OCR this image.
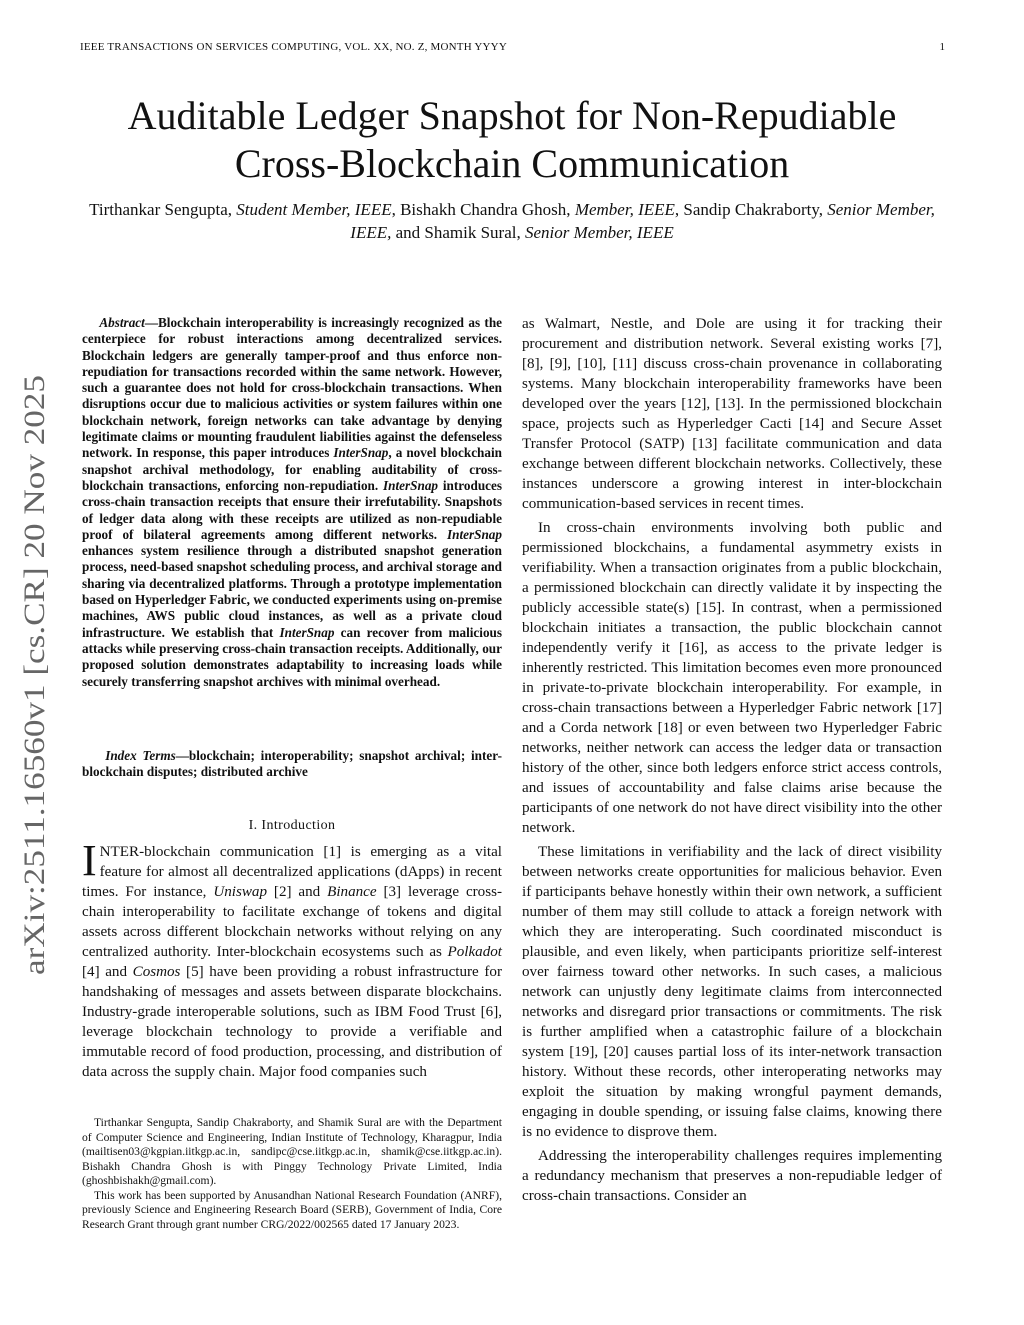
IEEE TRANSACTIONS ON SERVICES COMPUTING, VOL. XX, NO. Z, MONTH YYYY	1
Auditable Ledger Snapshot for Non-Repudiable
Cross-Blockchain Communication
Tirthankar Sengupta, Student Member, IEEE, Bishakh Chandra Ghosh, Member, IEEE, Sandip Chakraborty, Senior Member, IEEE, and Shamik Sural, Senior Member, IEEE
arXiv:2511.16560v1 [cs.CR] 20 Nov 2025
Abstract—Blockchain interoperability is increasingly recognized as the centerpiece for robust interactions among decentralized services. Blockchain ledgers are generally tamper-proof and thus enforce non-repudiation for transactions recorded within the same network. However, such a guarantee does not hold for cross-blockchain transactions. When disruptions occur due to malicious activities or system failures within one blockchain network, foreign networks can take advantage by denying legitimate claims or mounting fraudulent liabilities against the defenseless network. In response, this paper introduces InterSnap, a novel blockchain snapshot archival methodology, for enabling auditability of cross-blockchain transactions, enforcing non-repudiation. InterSnap introduces cross-chain transaction receipts that ensure their irrefutability. Snapshots of ledger data along with these receipts are utilized as non-repudiable proof of bilateral agreements among different networks. InterSnap enhances system resilience through a distributed snapshot generation process, need-based snapshot scheduling process, and archival storage and sharing via decentralized platforms. Through a prototype implementation based on Hyperledger Fabric, we conducted experiments using on-premise machines, AWS public cloud instances, as well as a private cloud infrastructure. We establish that InterSnap can recover from malicious attacks while preserving cross-chain transaction receipts. Additionally, our proposed solution demonstrates adaptability to increasing loads while securely transferring snapshot archives with minimal overhead.
Index Terms—blockchain; interoperability; snapshot archival; inter-blockchain disputes; distributed archive
I. Introduction
INTER-blockchain communication [1] is emerging as a vital feature for almost all decentralized applications (dApps) in recent times. For instance, Uniswap [2] and Binance [3] leverage cross-chain interoperability to facilitate exchange of tokens and digital assets across different blockchain networks without relying on any centralized authority. Inter-blockchain ecosystems such as Polkadot [4] and Cosmos [5] have been providing a robust infrastructure for handshaking of messages and assets between disparate blockchains. Industry-grade interoperable solutions, such as IBM Food Trust [6], leverage blockchain technology to provide a verifiable and immutable record of food production, processing, and distribution of data across the supply chain. Major food companies such

Tirthankar Sengupta, Sandip Chakraborty, and Shamik Sural are with the Department of Computer Science and Engineering, Indian Institute of Technology, Kharagpur, India (mailtisen03@kgpian.iitkgp.ac.in, sandipc@cse.iitkgp.ac.in, shamik@cse.iitkgp.ac.in). Bishakh Chandra Ghosh is with Pinggy Technology Private Limited, India (ghoshbishakh@gmail.com).

This work has been supported by Anusandhan National Research Foundation (ANRF), previously Science and Engineering Research Board (SERB), Government of India, Core Research Grant through grant number CRG/2022/002565 dated 17 January 2023.

as Walmart, Nestle, and Dole are using it for tracking their procurement and distribution network. Several existing works [7], [8], [9], [10], [11] discuss cross-chain provenance in collaborating systems. Many blockchain interoperability frameworks have been developed over the years [12], [13]. In the permissioned blockchain space, projects such as Hyperledger Cacti [14] and Secure Asset Transfer Protocol (SATP) [13] facilitate communication and data exchange between different blockchain networks. Collectively, these instances underscore a growing interest in inter-blockchain communication-based services in recent times.

In cross-chain environments involving both public and permissioned blockchains, a fundamental asymmetry exists in verifiability. When a transaction originates from a public blockchain, a permissioned blockchain can directly validate it by inspecting the publicly accessible state(s) [15]. In contrast, when a permissioned blockchain initiates a transaction, the public blockchain cannot independently verify it [16], as access to the private ledger is inherently restricted. This limitation becomes even more pronounced in private-to-private blockchain interoperability. For example, in cross-chain transactions between a Hyperledger Fabric network [17] and a Corda network [18] or even between two Hyperledger Fabric networks, neither network can access the ledger data or transaction history of the other, since both ledgers enforce strict access controls, and issues of accountability and false claims arise because the participants of one network do not have direct visibility into the other network.

These limitations in verifiability and the lack of direct visibility between networks create opportunities for malicious behavior. Even if participants behave honestly within their own network, a sufficient number of them may still collude to attack a foreign network with which they are interoperating. Such coordinated misconduct is plausible, and even likely, when participants prioritize self-interest over fairness toward other networks. In such cases, a malicious network can unjustly deny legitimate claims from interconnected networks and disregard prior transactions or commitments. The risk is further amplified when a catastrophic failure of a blockchain system [19], [20] causes partial loss of its inter-network transaction history. Without these records, other interoperating networks may exploit the situation by making wrongful payment demands, engaging in double spending, or issuing false claims, knowing there is no evidence to disprove them.

Addressing the interoperability challenges requires implementing a redundancy mechanism that preserves a non-repudiable ledger of cross-chain transactions. Consider an
